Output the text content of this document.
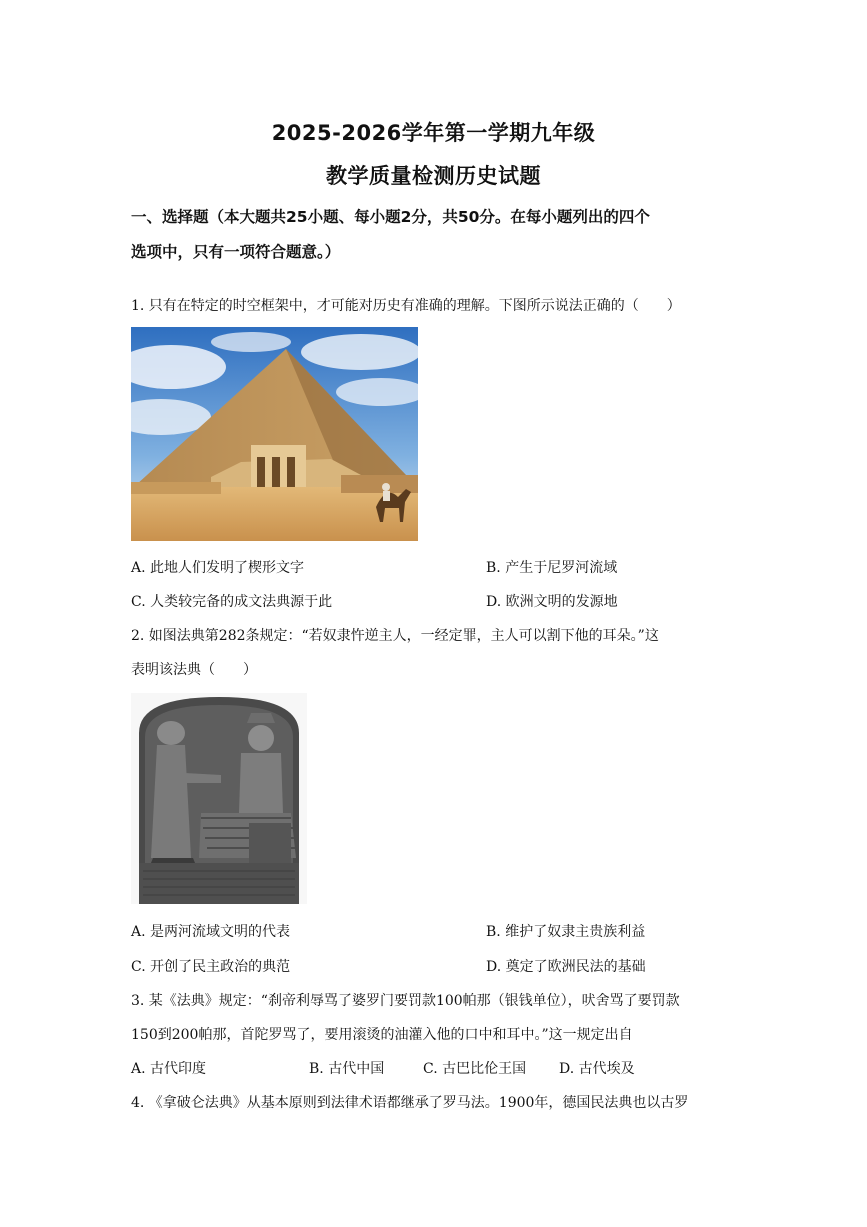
2025-2026学年第一学期九年级
教学质量检测历史试题
一、选择题（本大题共25小题、每小题2分，共50分。在每小题列出的四个
选项中，只有一项符合题意。）
1. 只有在特定的时空框架中，才可能对历史有准确的理解。下图所示说法正确的（　　）
A. 此地人们发明了楔形文字	B. 产生于尼罗河流域
C. 人类较完备的成文法典源于此	D. 欧洲文明的发源地
2. 如图法典第282条规定：“若奴隶忤逆主人，一经定罪，主人可以割下他的耳朵。”这
表明该法典（　　）
A. 是两河流域文明的代表	B. 维护了奴隶主贵族利益
C. 开创了民主政治的典范	D. 奠定了欧洲民法的基础
3. 某《法典》规定：“刹帝利辱骂了婆罗门要罚款100帕那（银钱单位），吠舍骂了要罚款
150到200帕那，首陀罗骂了，要用滚烫的油灌入他的口中和耳中。”这一规定出自
A. 古代印度	B. 古代中国	C. 古巴比伦王国 D. 古代埃及
4. 《拿破仑法典》从基本原则到法律术语都继承了罗马法。1900年，德国民法典也以古罗
